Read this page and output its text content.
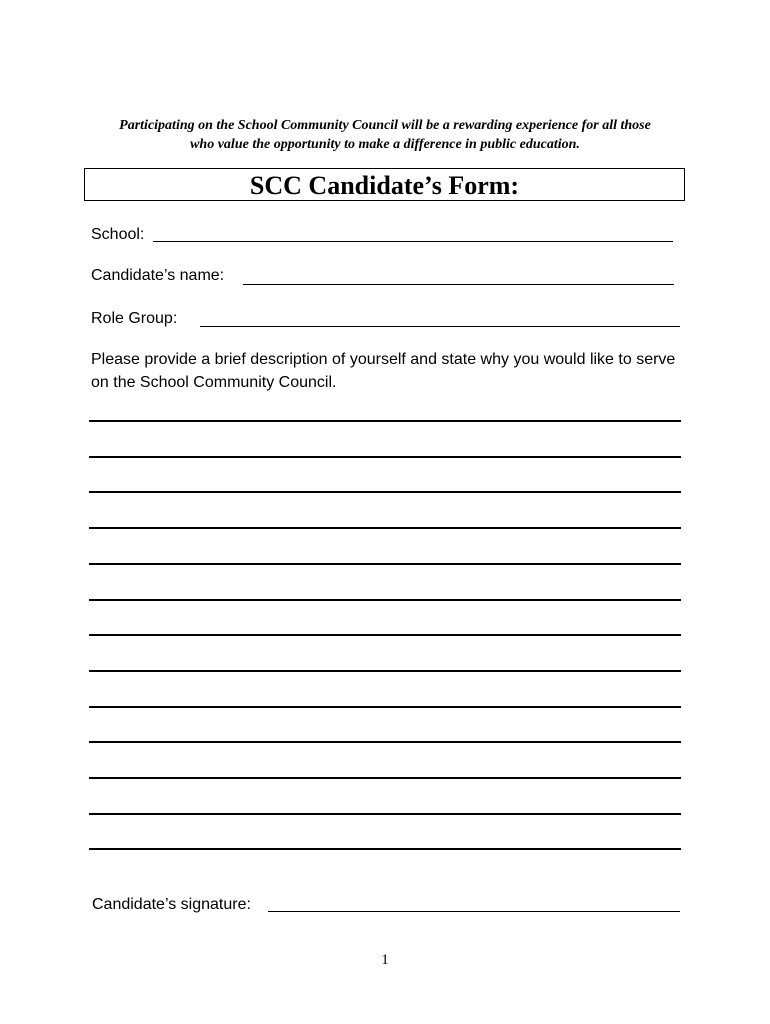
Participating on the School Community Council will be a rewarding experience for all those
who value the opportunity to make a difference in public education.
SCC Candidate’s Form:
School:
Candidate’s name:
Role Group:
Please provide a brief description of yourself and state why you would like to serve on the School Community Council.
Candidate’s signature:
1
